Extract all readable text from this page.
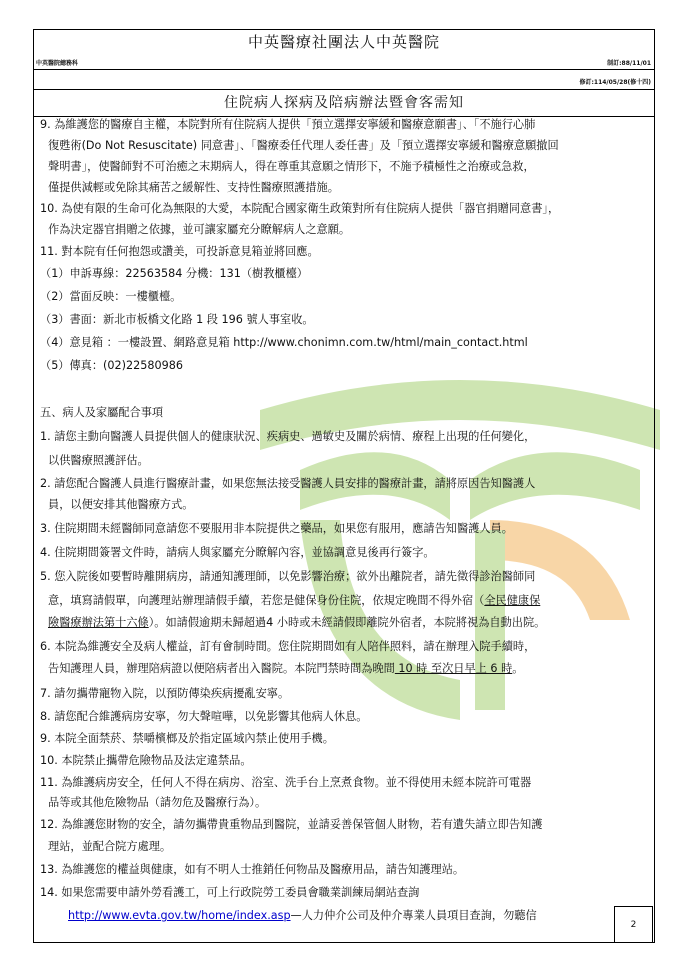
中英醫療社團法人中英醫院
中英醫院總務科	制訂:88/11/01
修訂:114/05/28(修十四)
住院病人探病及陪病辦法暨會客需知
9. 為維護您的醫療自主權，本院對所有住院病人提供「預立選擇安寧緩和醫療意願書」、「不施行心肺
復甦術(Do Not Resuscitate) 同意書」、「醫療委任代理人委任書」及「預立選擇安寧緩和醫療意願撤回
聲明書」，使醫師對不可治癒之末期病人，得在尊重其意願之情形下，不施予積極性之治療或急救，
僅提供減輕或免除其痛苦之緩解性、支持性醫療照護措施。
10. 為使有限的生命可化為無限的大愛，本院配合國家衛生政策對所有住院病人提供「器官捐贈同意書」，
作為決定器官捐贈之依據，並可讓家屬充分瞭解病人之意願。
11. 對本院有任何抱怨或讚美，可投訴意見箱並將回應。
（1）申訴專線：22563584 分機：131（樹教櫃檯）
（2）當面反映：一樓櫃檯。
（3）書面：新北市板橋文化路 1 段 196 號人事室收。
（4）意見箱 ：一樓設置、網路意見箱 http://www.chonimn.com.tw/html/main_contact.html
（5）傳真：(02)22580986
五、病人及家屬配合事項
1. 請您主動向醫護人員提供個人的健康狀況、疾病史、過敏史及關於病情、療程上出現的任何變化，
以供醫療照護評估。
2. 請您配合醫護人員進行醫療計畫，如果您無法接受醫護人員安排的醫療計畫，請將原因告知醫護人
員，以便安排其他醫療方式。
3. 住院期間未經醫師同意請您不要服用非本院提供之藥品，如果您有服用，應請告知醫護人員。
4. 住院期間簽署文件時，請病人與家屬充分瞭解內容，並協調意見後再行簽字。
5. 您入院後如要暫時離開病房，請通知護理師，以免影響治療；欲外出離院者，請先徵得診治醫師同
意，填寫請假單，向護理站辦理請假手續，若您是健保身份住院，依規定晚間不得外宿（全民健康保
險醫療辦法第十六條）。如請假逾期未歸超過4 小時或未經請假即離院外宿者，本院將視為自動出院。
6. 本院為維護安全及病人權益，訂有會制時間。您住院期間如有人陪伴照料，請在辦理入院手續時，
告知護理人員，辦理陪病證以便陪病者出入醫院。本院門禁時間為晚間 10 時 至次日早上 6 時。
7. 請勿攜帶寵物入院，以預防傳染疾病擾亂安寧。
8. 請您配合維護病房安寧，勿大聲喧嘩，以免影響其他病人休息。
9. 本院全面禁菸、禁嚼檳榔及於指定區域內禁止使用手機。
10. 本院禁止攜帶危險物品及法定違禁品。
11. 為維護病房安全，任何人不得在病房、浴室、洗手台上烹煮食物。並不得使用未經本院許可電器
品等或其他危險物品（請勿危及醫療行為）。
12. 為維護您財物的安全，請勿攜帶貴重物品到醫院，並請妥善保管個人財物，若有遺失請立即告知護
理站，並配合院方處理。
13. 為維護您的權益與健康，如有不明人士推銷任何物品及醫療用品，請告知護理站。
14. 如果您需要申請外勞看護工，可上行政院勞工委員會職業訓練局網站查詢
http://www.evta.gov.tw/home/index.asp—人力仲介公司及仲介專業人員項目查詢，勿聽信
2
